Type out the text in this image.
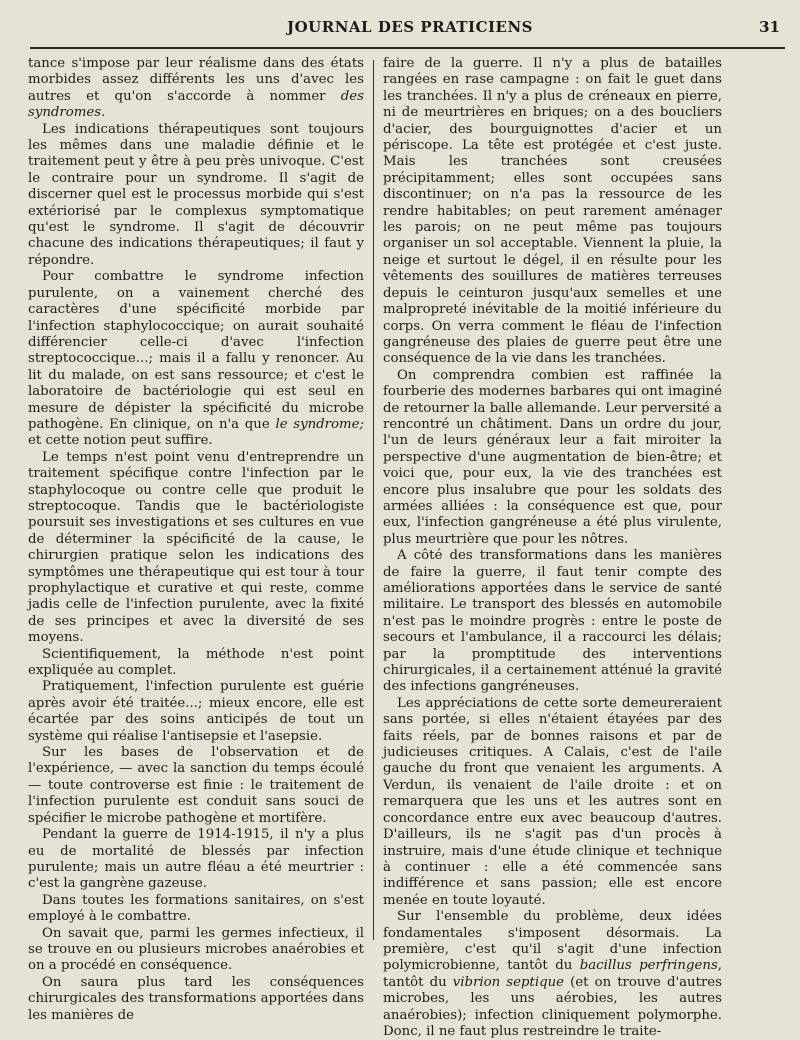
JOURNAL DES PRATICIENS	31

tance s'impose par leur réalisme dans des états morbides assez différents les uns d'avec les autres et qu'on s'accorde à nommer des syndromes.

Les indications thérapeutiques sont toujours les mêmes dans une maladie définie et le traitement peut y être à peu près univoque. C'est le contraire pour un syndrome. Il s'agit de discerner quel est le processus morbide qui s'est extériorisé par le complexus symptomatique qu'est le syndrome. Il s'agit de découvrir chacune des indications thérapeutiques; il faut y répondre.

Pour combattre le syndrome infection purulente, on a vainement cherché des caractères d'une spécificité morbide par l'infection staphylococcique; on aurait souhaité différencier celle-ci d'avec l'infection streptococcique...; mais il a fallu y renoncer. Au lit du malade, on est sans ressource; et c'est le laboratoire de bactériologie qui est seul en mesure de dépister la spécificité du microbe pathogène. En clinique, on n'a que le syndrome; et cette notion peut suffire.

Le temps n'est point venu d'entreprendre un traitement spécifique contre l'infection par le staphylocoque ou contre celle que produit le streptocoque. Tandis que le bactériologiste poursuit ses investigations et ses cultures en vue de déterminer la spécificité de la cause, le chirurgien pratique selon les indications des symptômes une thérapeutique qui est tour à tour prophylactique et curative et qui reste, comme jadis celle de l'infection purulente, avec la fixité de ses principes et avec la diversité de ses moyens.

Scientifiquement, la méthode n'est point expliquée au complet.

Pratiquement, l'infection purulente est guérie après avoir été traitée...; mieux encore, elle est écartée par des soins anticipés de tout un système qui réalise l'antisepsie et l'asepsie.

Sur les bases de l'observation et de l'expérience, — avec la sanction du temps écoulé — toute controverse est finie : le traitement de l'infection purulente est conduit sans souci de spécifier le microbe pathogène et mortifère.

Pendant la guerre de 1914-1915, il n'y a plus eu de mortalité de blessés par infection purulente; mais un autre fléau a été meurtrier : c'est la gangrène gazeuse.

Dans toutes les formations sanitaires, on s'est employé à le combattre.

On savait que, parmi les germes infectieux, il se trouve en ou plusieurs microbes anaérobies et on a procédé en conséquence.

On saura plus tard les conséquences chirurgicales des transformations apportées dans les manières de

faire de la guerre. Il n'y a plus de batailles rangées en rase campagne : on fait le guet dans les tranchées. Il n'y a plus de créneaux en pierre, ni de meurtrières en briques; on a des boucliers d'acier, des bourguignottes d'acier et un périscope. La tête est protégée et c'est juste. Mais les tranchées sont creusées précipitamment; elles sont occupées sans discontinuer; on n'a pas la ressource de les rendre habitables; on peut rarement aménager les parois; on ne peut même pas toujours organiser un sol acceptable. Viennent la pluie, la neige et surtout le dégel, il en résulte pour les vêtements des souillures de matières terreuses depuis le ceinturon jusqu'aux semelles et une malpropreté inévitable de la moitié inférieure du corps. On verra comment le fléau de l'infection gangréneuse des plaies de guerre peut être une conséquence de la vie dans les tranchées.

On comprendra combien est raffinée la fourberie des modernes barbares qui ont imaginé de retourner la balle allemande. Leur perversité a rencontré un châtiment. Dans un ordre du jour, l'un de leurs généraux leur a fait miroiter la perspective d'une augmentation de bien-être; et voici que, pour eux, la vie des tranchées est encore plus insalubre que pour les soldats des armées alliées : la conséquence est que, pour eux, l'infection gangréneuse a été plus virulente, plus meurtrière que pour les nôtres.

A côté des transformations dans les manières de faire la guerre, il faut tenir compte des améliorations apportées dans le service de santé militaire. Le transport des blessés en automobile n'est pas le moindre progrès : entre le poste de secours et l'ambulance, il a raccourci les délais; par la promptitude des interventions chirurgicales, il a certainement atténué la gravité des infections gangréneuses.

Les appréciations de cette sorte demeureraient sans portée, si elles n'étaient étayées par des faits réels, par de bonnes raisons et par de judicieuses critiques. A Calais, c'est de l'aile gauche du front que venaient les arguments. A Verdun, ils venaient de l'aile droite : et on remarquera que les uns et les autres sont en concordance entre eux avec beaucoup d'autres. D'ailleurs, ils ne s'agit pas d'un procès à instruire, mais d'une étude clinique et technique à continuer : elle a été commencée sans indifférence et sans passion; elle est encore menée en toute loyauté.

Sur l'ensemble du problème, deux idées fondamentales s'imposent désormais. La première, c'est qu'il s'agit d'une infection polymicrobienne, tantôt du bacillus perfringens, tantôt du vibrion septique (et on trouve d'autres microbes, les uns aérobies, les autres anaérobies); infection cliniquement polymorphe. Donc, il ne faut plus restreindre le traite-
